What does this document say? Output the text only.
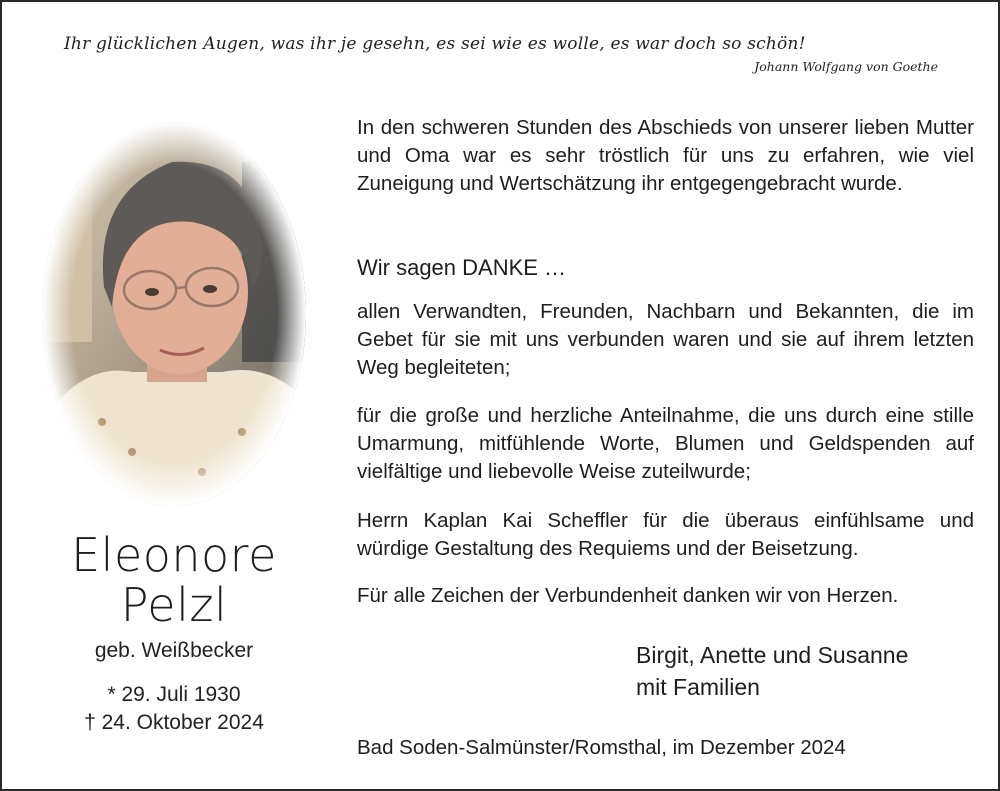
Ihr glücklichen Augen, was ihr je gesehn, es sei wie es wolle, es war doch so schön!
Johann Wolfgang von Goethe
Eleonore
Pelzl
geb. Weißbecker
* 29. Juli 1930
† 24. Oktober 2024
In den schweren Stunden des Abschieds von unserer lieben Mutter und Oma war es sehr tröstlich für uns zu erfahren, wie viel Zuneigung und Wertschätzung ihr entgegengebracht wurde.
Wir sagen DANKE …
allen Verwandten, Freunden, Nachbarn und Bekannten, die im Gebet für sie mit uns verbunden waren und sie auf ihrem letzten Weg begleiteten;
für die große und herzliche Anteilnahme, die uns durch eine stille Umarmung, mitfühlende Worte, Blumen und Geldspenden auf vielfältige und liebevolle Weise zuteilwurde;
Herrn Kaplan Kai Scheffler für die überaus einfühlsame und würdige Gestaltung des Requiems und der Beisetzung.
Für alle Zeichen der Verbundenheit danken wir von Herzen.
Birgit, Anette und Susanne
mit Familien
Bad Soden-Salmünster/Romsthal, im Dezember 2024
